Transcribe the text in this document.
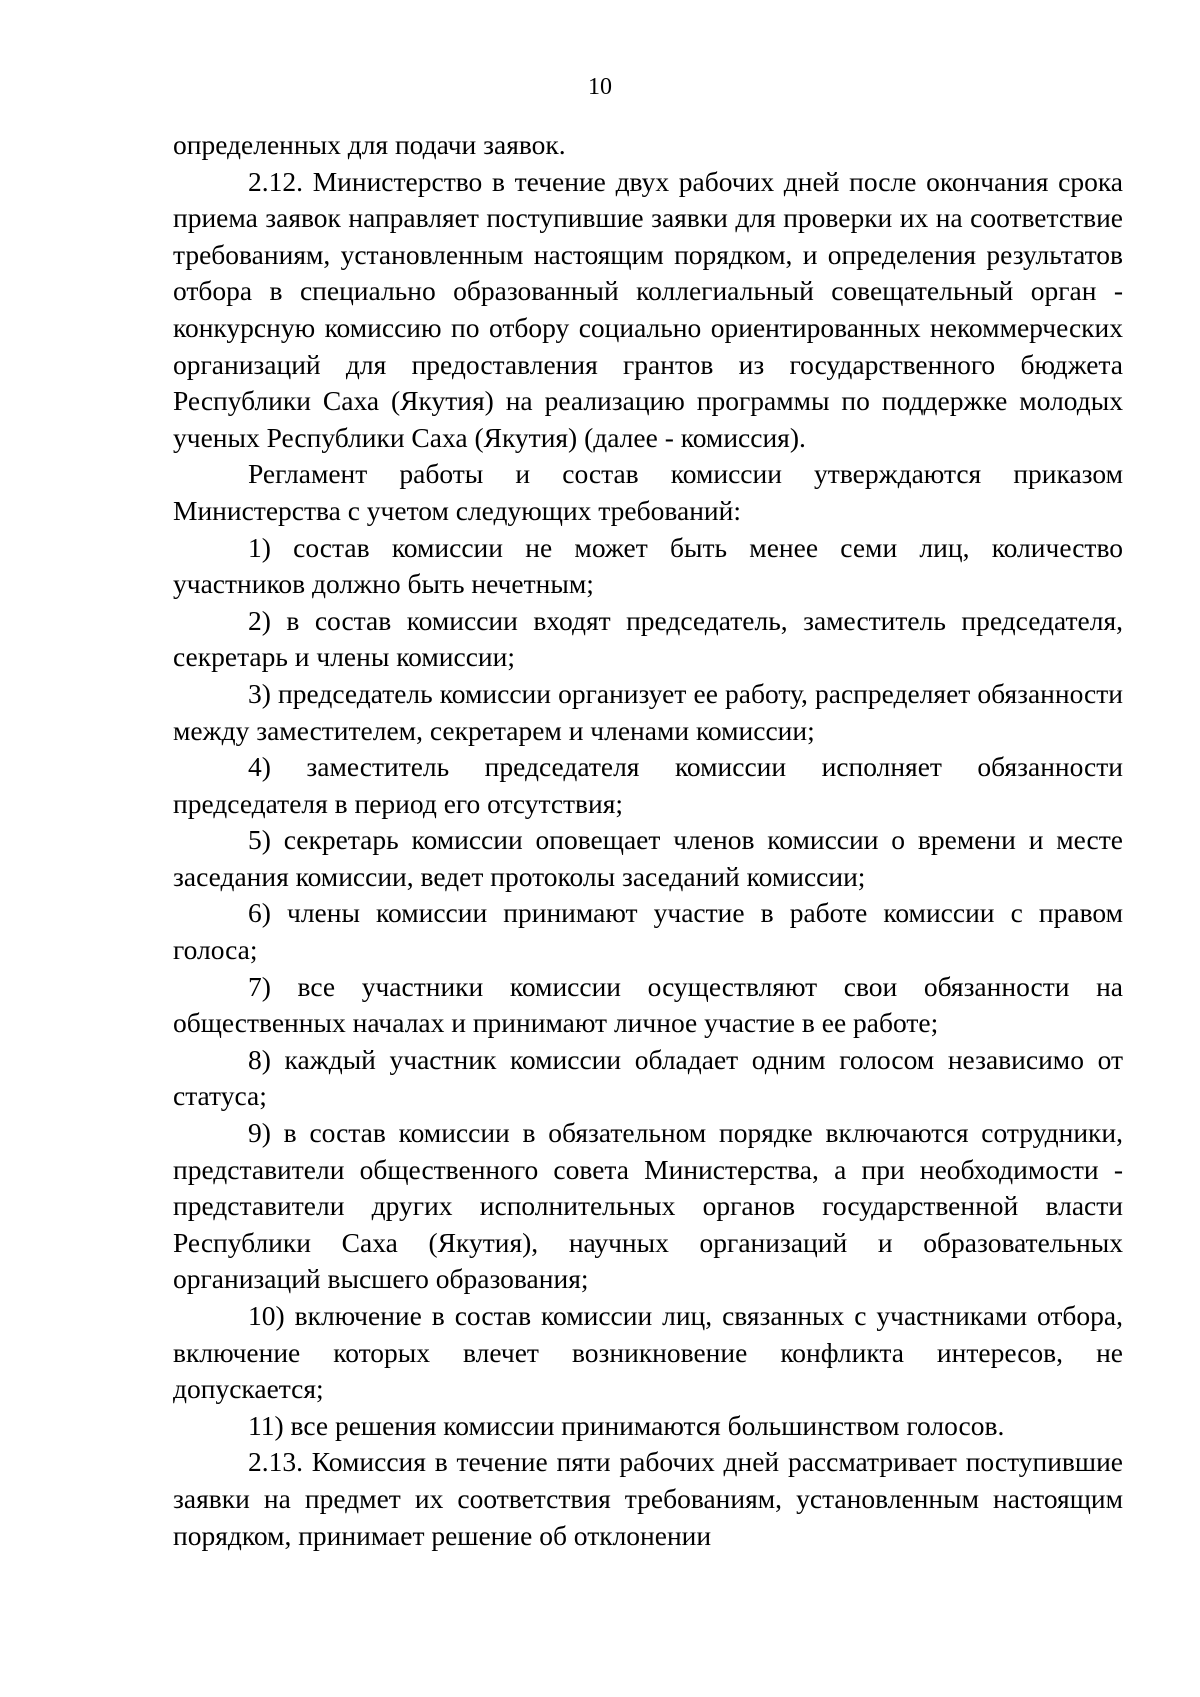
10

определенных для подачи заявок.

2.12. Министерство в течение двух рабочих дней после окончания срока приема заявок направляет поступившие заявки для проверки их на соответствие требованиям, установленным настоящим порядком, и определения результатов отбора в специально образованный коллегиальный совещательный орган - конкурсную комиссию по отбору социально ориентированных некоммерческих организаций для предоставления грантов из государственного бюджета Республики Саха (Якутия) на реализацию программы по поддержке молодых ученых Республики Саха (Якутия) (далее - комиссия).

Регламент работы и состав комиссии утверждаются приказом Министерства с учетом следующих требований:

1) состав комиссии не может быть менее семи лиц, количество участников должно быть нечетным;

2) в состав комиссии входят председатель, заместитель председателя, секретарь и члены комиссии;

3) председатель комиссии организует ее работу, распределяет обязанности между заместителем, секретарем и членами комиссии;

4) заместитель председателя комиссии исполняет обязанности председателя в период его отсутствия;

5) секретарь комиссии оповещает членов комиссии о времени и месте заседания комиссии, ведет протоколы заседаний комиссии;

6) члены комиссии принимают участие в работе комиссии с правом голоса;

7) все участники комиссии осуществляют свои обязанности на общественных началах и принимают личное участие в ее работе;

8) каждый участник комиссии обладает одним голосом независимо от статуса;

9) в состав комиссии в обязательном порядке включаются сотрудники, представители общественного совета Министерства, а при необходимости - представители других исполнительных органов государственной власти Республики Саха (Якутия), научных организаций и образовательных организаций высшего образования;

10) включение в состав комиссии лиц, связанных с участниками отбора, включение которых влечет возникновение конфликта интересов, не допускается;

11) все решения комиссии принимаются большинством голосов.

2.13. Комиссия в течение пяти рабочих дней рассматривает поступившие заявки на предмет их соответствия требованиям, установленным настоящим порядком, принимает решение об отклонении
